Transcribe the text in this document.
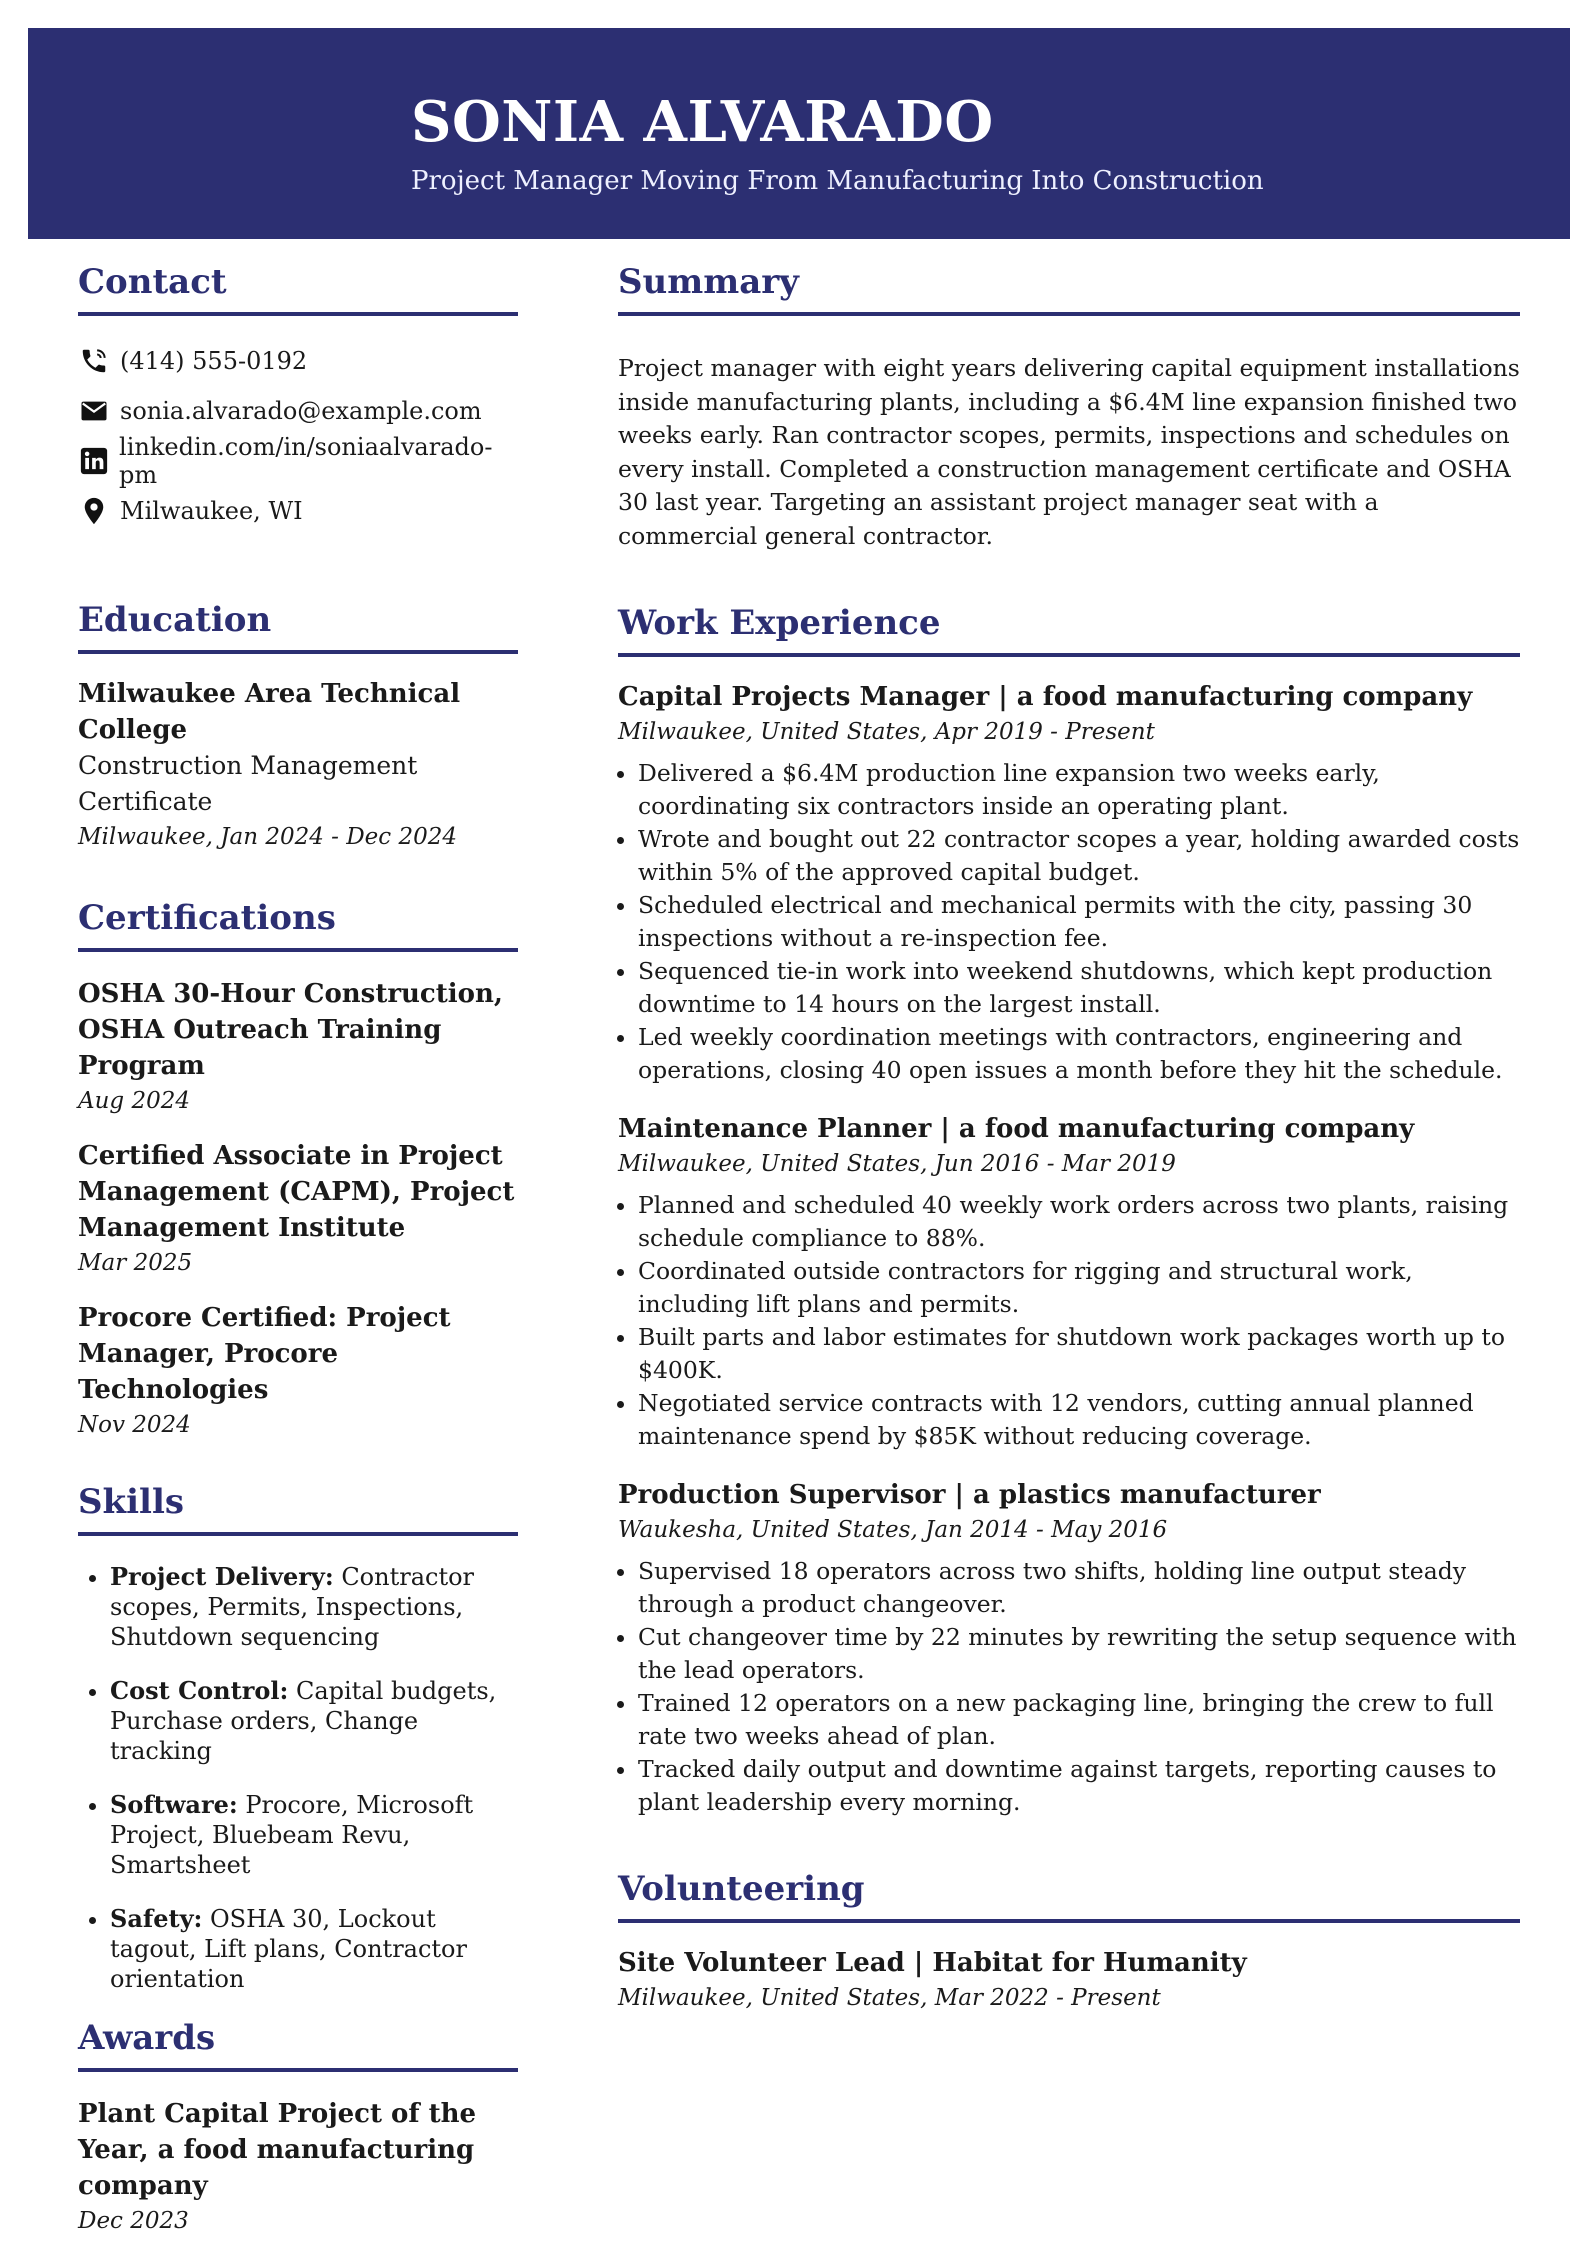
SONIA ALVARADO
Project Manager Moving From Manufacturing Into Construction
Contact
(414) 555-0192
sonia.alvarado@example.com
linkedin.com/in/soniaalvarado-pm
Milwaukee, WI
Education
Milwaukee Area Technical College
Construction Management Certificate
Milwaukee, Jan 2024 - Dec 2024
Certifications
OSHA 30-Hour Construction, OSHA Outreach Training Program
Aug 2024
Certified Associate in Project Management (CAPM), Project Management Institute
Mar 2025
Procore Certified: Project Manager, Procore Technologies
Nov 2024
Skills
• Project Delivery: Contractor scopes, Permits, Inspections, Shutdown sequencing
• Cost Control: Capital budgets, Purchase orders, Change tracking
• Software: Procore, Microsoft Project, Bluebeam Revu, Smartsheet
• Safety: OSHA 30, Lockout tagout, Lift plans, Contractor orientation
Awards
Plant Capital Project of the Year, a food manufacturing company
Dec 2023
Summary
Project manager with eight years delivering capital equipment installations inside manufacturing plants, including a $6.4M line expansion finished two weeks early. Ran contractor scopes, permits, inspections and schedules on every install. Completed a construction management certificate and OSHA 30 last year. Targeting an assistant project manager seat with a commercial general contractor.
Work Experience
Capital Projects Manager | a food manufacturing company
Milwaukee, United States, Apr 2019 - Present
• Delivered a $6.4M production line expansion two weeks early, coordinating six contractors inside an operating plant.
• Wrote and bought out 22 contractor scopes a year, holding awarded costs within 5% of the approved capital budget.
• Scheduled electrical and mechanical permits with the city, passing 30 inspections without a re-inspection fee.
• Sequenced tie-in work into weekend shutdowns, which kept production downtime to 14 hours on the largest install.
• Led weekly coordination meetings with contractors, engineering and operations, closing 40 open issues a month before they hit the schedule.
Maintenance Planner | a food manufacturing company
Milwaukee, United States, Jun 2016 - Mar 2019
• Planned and scheduled 40 weekly work orders across two plants, raising schedule compliance to 88%.
• Coordinated outside contractors for rigging and structural work, including lift plans and permits.
• Built parts and labor estimates for shutdown work packages worth up to $400K.
• Negotiated service contracts with 12 vendors, cutting annual planned maintenance spend by $85K without reducing coverage.
Production Supervisor | a plastics manufacturer
Waukesha, United States, Jan 2014 - May 2016
• Supervised 18 operators across two shifts, holding line output steady through a product changeover.
• Cut changeover time by 22 minutes by rewriting the setup sequence with the lead operators.
• Trained 12 operators on a new packaging line, bringing the crew to full rate two weeks ahead of plan.
• Tracked daily output and downtime against targets, reporting causes to plant leadership every morning.
Volunteering
Site Volunteer Lead | Habitat for Humanity
Milwaukee, United States, Mar 2022 - Present
